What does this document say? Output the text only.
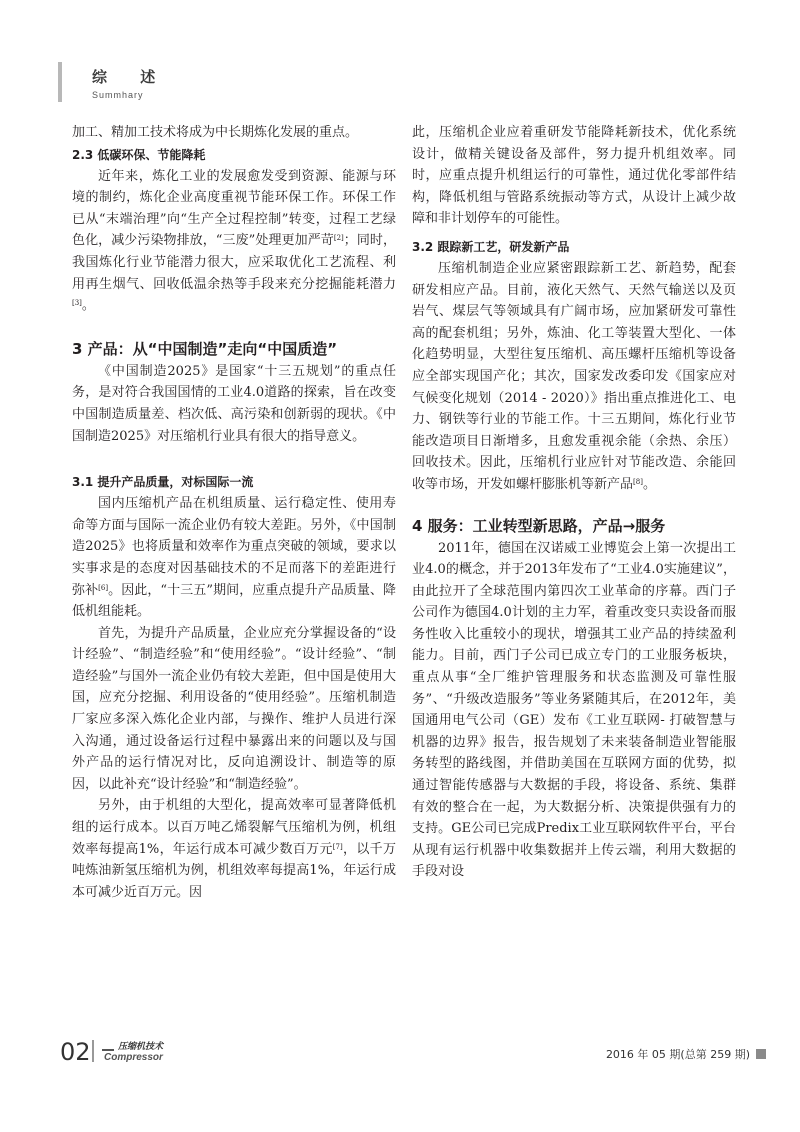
综 述
Summhary

加工、精加工技术将成为中长期炼化发展的重点。

2.3 低碳环保、节能降耗

近年来，炼化工业的发展愈发受到资源、能源与环境的制约，炼化企业高度重视节能环保工作。环保工作已从“末端治理”向“生产全过程控制”转变，过程工艺绿色化，减少污染物排放，“三废”处理更加严苛[2]；同时，我国炼化行业节能潜力很大，应采取优化工艺流程、利用再生烟气、回收低温余热等手段来充分挖掘能耗潜力[3]。

3 产品：从“中国制造”走向“中国质造”

《中国制造2025》是国家“十三五规划”的重点任务，是对符合我国国情的工业4.0道路的探索，旨在改变中国制造质量差、档次低、高污染和创新弱的现状。《中国制造2025》对压缩机行业具有很大的指导意义。

3.1 提升产品质量，对标国际一流

国内压缩机产品在机组质量、运行稳定性、使用寿命等方面与国际一流企业仍有较大差距。另外，《中国制造2025》也将质量和效率作为重点突破的领域，要求以实事求是的态度对因基础技术的不足而落下的差距进行弥补[6]。因此，“十三五”期间，应重点提升产品质量、降低机组能耗。

首先，为提升产品质量，企业应充分掌握设备的“设计经验”、“制造经验”和“使用经验”。“设计经验”、“制造经验”与国外一流企业仍有较大差距，但中国是使用大国，应充分挖掘、利用设备的“使用经验”。压缩机制造厂家应多深入炼化企业内部，与操作、维护人员进行深入沟通，通过设备运行过程中暴露出来的问题以及与国外产品的运行情况对比，反向追溯设计、制造等的原因，以此补充“设计经验”和“制造经验”。

另外，由于机组的大型化，提高效率可显著降低机组的运行成本。以百万吨乙烯裂解气压缩机为例，机组效率每提高1%，年运行成本可减少数百万元[7]，以千万吨炼油新氢压缩机为例，机组效率每提高1%，年运行成本可减少近百万元。因

此，压缩机企业应着重研发节能降耗新技术，优化系统设计，做精关键设备及部件，努力提升机组效率。同时，应重点提升机组运行的可靠性，通过优化零部件结构，降低机组与管路系统振动等方式，从设计上减少故障和非计划停车的可能性。

3.2 跟踪新工艺，研发新产品

压缩机制造企业应紧密跟踪新工艺、新趋势，配套研发相应产品。目前，液化天然气、天然气输送以及页岩气、煤层气等领域具有广阔市场，应加紧研发可靠性高的配套机组；另外，炼油、化工等装置大型化、一体化趋势明显，大型往复压缩机、高压螺杆压缩机等设备应全部实现国产化；其次，国家发改委印发《国家应对气候变化规划（2014 - 2020）》指出重点推进化工、电力、钢铁等行业的节能工作。十三五期间，炼化行业节能改造项目日渐增多，且愈发重视余能（余热、余压）回收技术。因此，压缩机行业应针对节能改造、余能回收等市场，开发如螺杆膨胀机等新产品[8]。

4 服务：工业转型新思路，产品→服务

2011年，德国在汉诺威工业博览会上第一次提出工业4.0的概念，并于2013年发布了“工业4.0实施建议”，由此拉开了全球范围内第四次工业革命的序幕。西门子公司作为德国4.0计划的主力军，着重改变只卖设备而服务性收入比重较小的现状，增强其工业产品的持续盈利能力。目前，西门子公司已成立专门的工业服务板块，重点从事“全厂维护管理服务和状态监测及可靠性服务”、“升级改造服务”等业务紧随其后，在2012年，美国通用电气公司（GE）发布《工业互联网- 打破智慧与机器的边界》报告，报告规划了未来装备制造业智能服务转型的路线图，并借助美国在互联网方面的优势，拟通过智能传感器与大数据的手段，将设备、系统、集群有效的整合在一起，为大数据分析、决策提供强有力的支持。GE公司已完成Predix工业互联网软件平台，平台从现有运行机器中收集数据并上传云端，利用大数据的手段对设

02	压缩机技术
Compressor	2016 年 05 期(总第 259 期)
